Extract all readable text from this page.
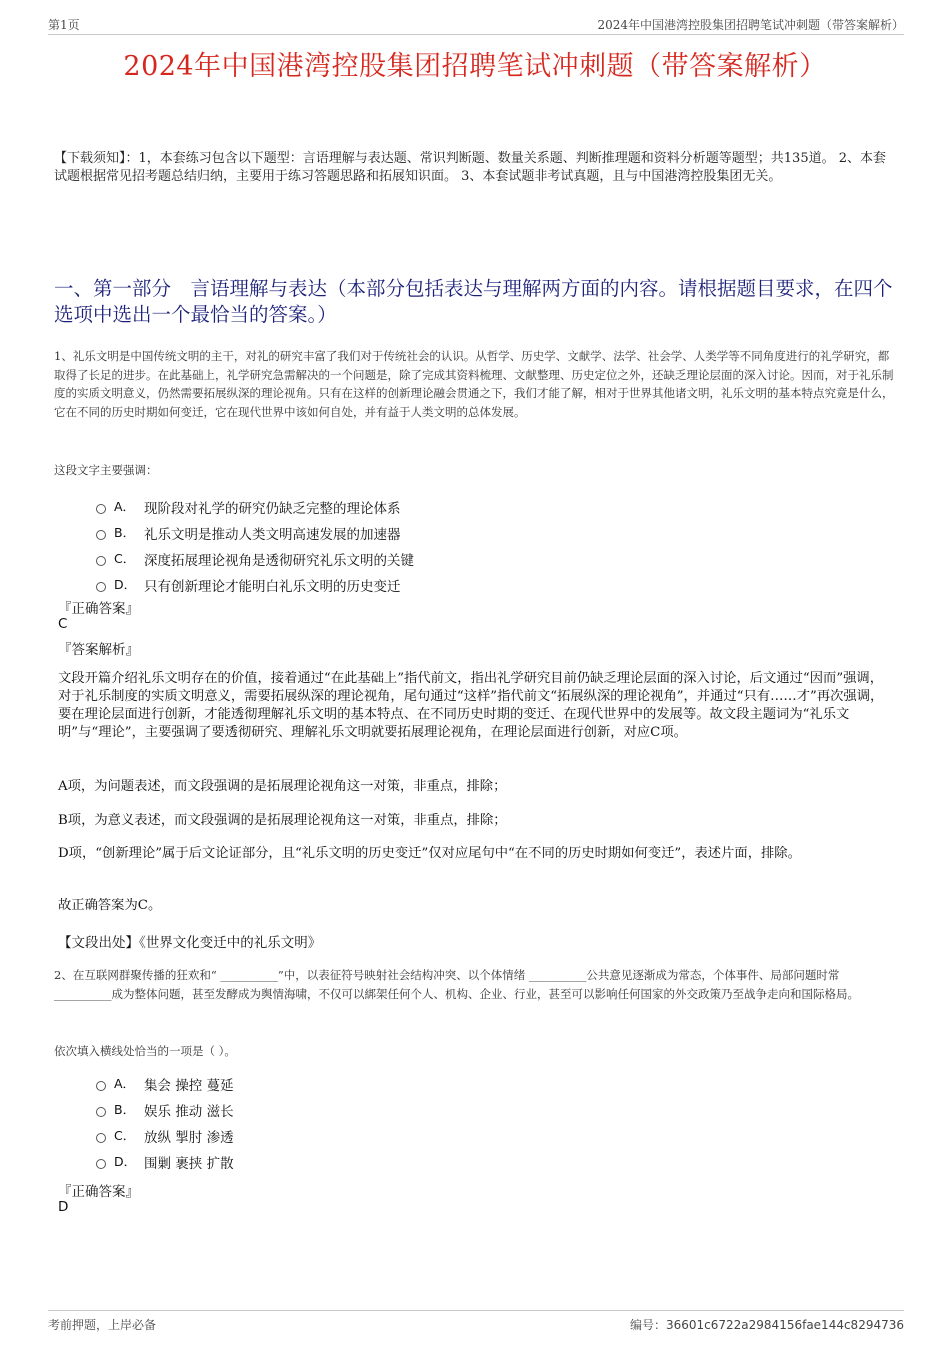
第1页	2024年中国港湾控股集团招聘笔试冲刺题（带答案解析）
2024年中国港湾控股集团招聘笔试冲刺题（带答案解析）
【下载须知】：1，本套练习包含以下题型：言语理解与表达题、常识判断题、数量关系题、判断推理题和资料分析题等题型；共135道。 2、本套试题根据常见招考题总结归纳，主要用于练习答题思路和拓展知识面。 3、本套试题非考试真题，且与中国港湾控股集团无关。
一、第一部分　言语理解与表达（本部分包括表达与理解两方面的内容。请根据题目要求，在四个选项中选出一个最恰当的答案。）
1、礼乐文明是中国传统文明的主干，对礼的研究丰富了我们对于传统社会的认识。从哲学、历史学、文献学、法学、社会学、人类学等不同角度进行的礼学研究，都取得了长足的进步。在此基础上，礼学研究急需解决的一个问题是，除了完成其资料梳理、文献整理、历史定位之外，还缺乏理论层面的深入讨论。因而，对于礼乐制度的实质文明意义，仍然需要拓展纵深的理论视角。只有在这样的创新理论融会贯通之下，我们才能了解，相对于世界其他诸文明，礼乐文明的基本特点究竟是什么，它在不同的历史时期如何变迁，它在现代世界中该如何自处，并有益于人类文明的总体发展。
这段文字主要强调：
A． 现阶段对礼学的研究仍缺乏完整的理论体系
B． 礼乐文明是推动人类文明高速发展的加速器
C． 深度拓展理论视角是透彻研究礼乐文明的关键
D． 只有创新理论才能明白礼乐文明的历史变迁
『正确答案』
C
『答案解析』
文段开篇介绍礼乐文明存在的价值，接着通过“在此基础上”指代前文，指出礼学研究目前仍缺乏理论层面的深入讨论，后文通过“因而”强调，对于礼乐制度的实质文明意义，需要拓展纵深的理论视角，尾句通过“这样”指代前文“拓展纵深的理论视角”，并通过“只有……才”再次强调，要在理论层面进行创新，才能透彻理解礼乐文明的基本特点、在不同历史时期的变迁、在现代世界中的发展等。故文段主题词为“礼乐文明”与“理论”，主要强调了要透彻研究、理解礼乐文明就要拓展理论视角，在理论层面进行创新，对应C项。
A项，为问题表述，而文段强调的是拓展理论视角这一对策，非重点，排除；
B项，为意义表述，而文段强调的是拓展理论视角这一对策，非重点，排除；
D项，“创新理论”属于后文论证部分，且“礼乐文明的历史变迁”仅对应尾句中“在不同的历史时期如何变迁”，表述片面，排除。
故正确答案为C。
【文段出处】《世界文化变迁中的礼乐文明》
2、在互联网群聚传播的狂欢和“ __________”中，以表征符号映射社会结构冲突、以个体情绪 __________公共意见逐渐成为常态，个体事件、局部问题时常 __________成为整体问题，甚至发酵成为舆情海啸，不仅可以綁架任何个人、机构、企业、行业，甚至可以影响任何国家的外交政策乃至战争走向和国际格局。
依次填入横线处恰当的一项是（ ）。
A． 集会 操控 蔓延
B． 娱乐 推动 滋长
C． 放纵 掣肘 渗透
D． 围剿 裹挟 扩散
『正确答案』
D
考前押题，上岸必备	编号：36601c6722a2984156fae144c8294736
